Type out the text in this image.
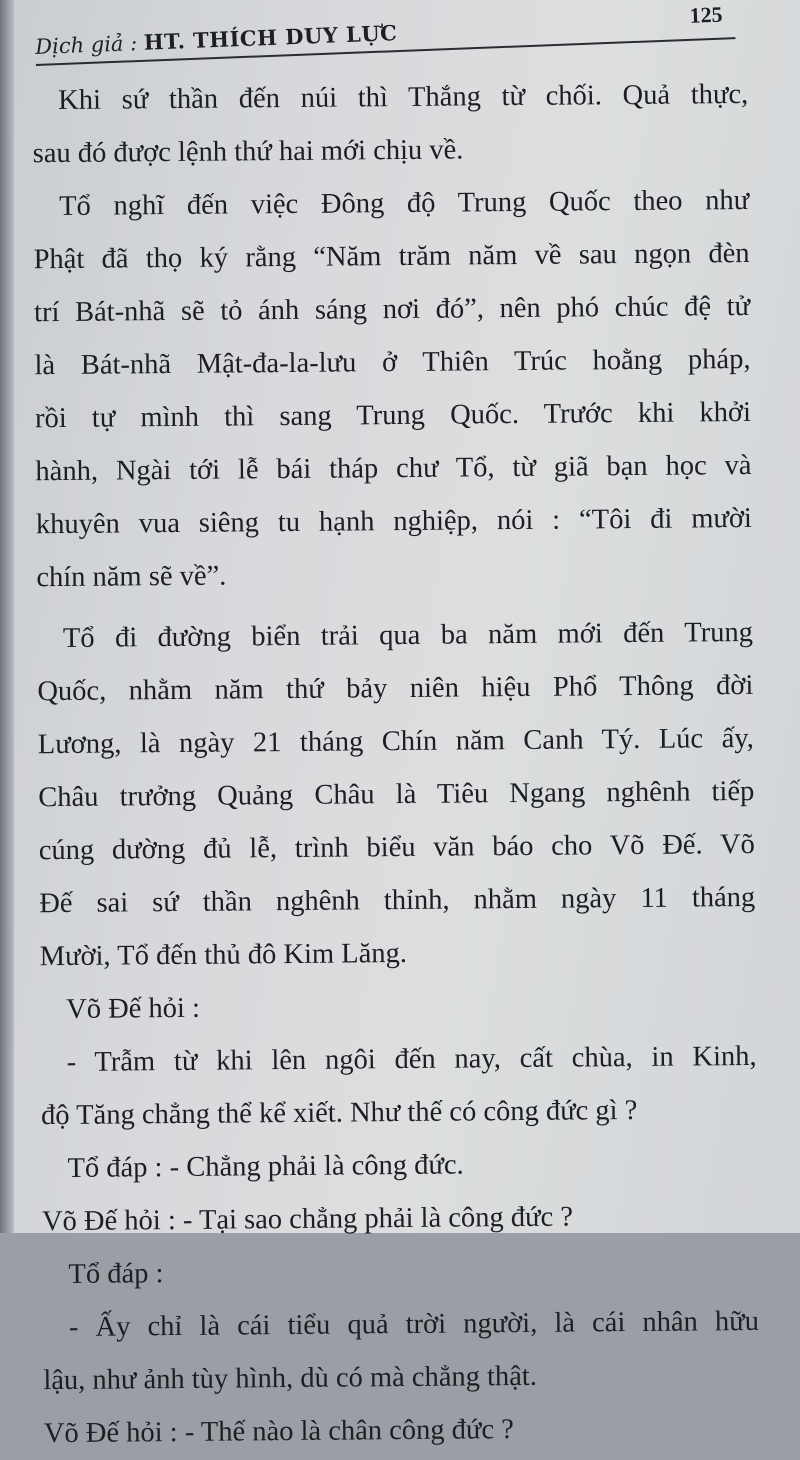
Dịch giả : HT. THÍCH DUY LỰC
125
Khi sứ thần đến núi thì Thắng từ chối. Quả thực,
sau đó được lệnh thứ hai mới chịu về.
Tổ nghĩ đến việc Đông độ Trung Quốc theo như
Phật đã thọ ký rằng “Năm trăm năm về sau ngọn đèn
trí Bát-nhã sẽ tỏ ánh sáng nơi đó”, nên phó chúc đệ tử
là Bát-nhã Mật-đa-la-lưu ở Thiên Trúc hoằng pháp,
rồi tự mình thì sang Trung Quốc. Trước khi khởi
hành, Ngài tới lễ bái tháp chư Tổ, từ giã bạn học và
khuyên vua siêng tu hạnh nghiệp, nói : “Tôi đi mười
chín năm sẽ về”.
Tổ đi đường biển trải qua ba năm mới đến Trung
Quốc, nhằm năm thứ bảy niên hiệu Phổ Thông đời
Lương, là ngày 21 tháng Chín năm Canh Tý. Lúc ấy,
Châu trưởng Quảng Châu là Tiêu Ngang nghênh tiếp
cúng dường đủ lễ, trình biểu văn báo cho Võ Đế. Võ
Đế sai sứ thần nghênh thỉnh, nhằm ngày 11 tháng
Mười, Tổ đến thủ đô Kim Lăng.
Võ Đế hỏi :
- Trẫm từ khi lên ngôi đến nay, cất chùa, in Kinh,
độ Tăng chẳng thể kể xiết. Như thế có công đức gì ?
Tổ đáp : - Chẳng phải là công đức.
Võ Đế hỏi : - Tại sao chẳng phải là công đức ?
Tổ đáp :
- Ấy chỉ là cái tiểu quả trời người, là cái nhân hữu
lậu, như ảnh tùy hình, dù có mà chẳng thật.
Võ Đế hỏi : - Thế nào là chân công đức ?
